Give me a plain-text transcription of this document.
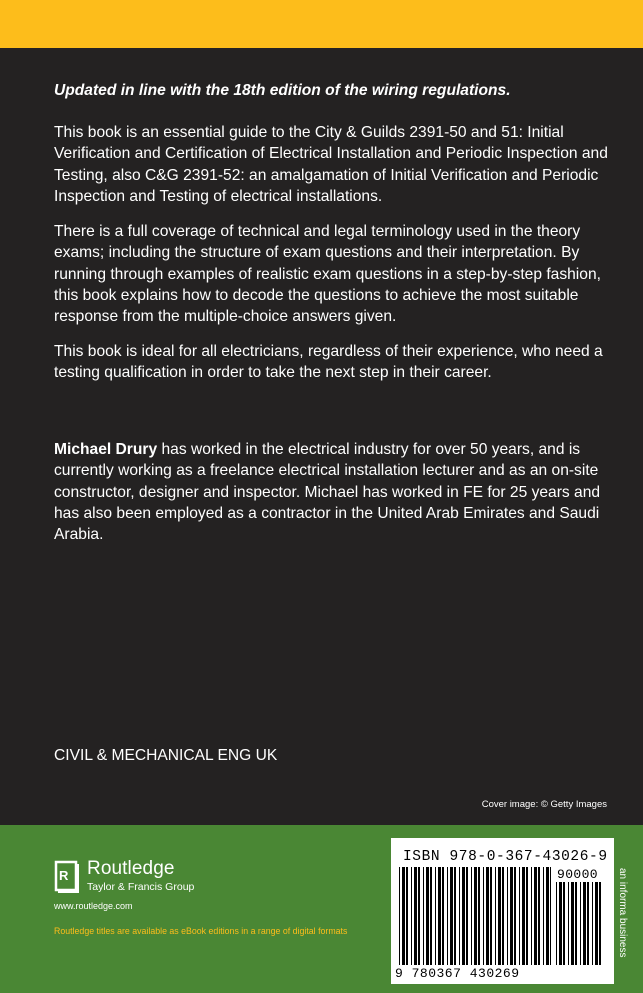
Updated in line with the 18th edition of the wiring regulations.

This book is an essential guide to the City & Guilds 2391-50 and 51: Initial Verification and Certification of Electrical Installation and Periodic Inspection and Testing, also C&G 2391-52: an amalgamation of Initial Verification and Periodic Inspection and Testing of electrical installations.

There is a full coverage of technical and legal terminology used in the theory exams; including the structure of exam questions and their interpretation. By running through examples of realistic exam questions in a step-by-step fashion, this book explains how to decode the questions to achieve the most suitable response from the multiple-choice answers given.

This book is ideal for all electricians, regardless of their experience, who need a testing qualification in order to take the next step in their career.

Michael Drury has worked in the electrical industry for over 50 years, and is currently working as a freelance electrical installation lecturer and as an on-site constructor, designer and inspector. Michael has worked in FE for 25 years and has also been employed as a contractor in the United Arab Emirates and Saudi Arabia.

CIVIL & MECHANICAL ENG UK
Cover image: © Getty Images
R Routledge
Taylor & Francis Group
www.routledge.com
Routledge titles are available as eBook editions in a range of digital formats
ISBN 978-0-367-43026-9
90000
9 780367 430269
an informa business
